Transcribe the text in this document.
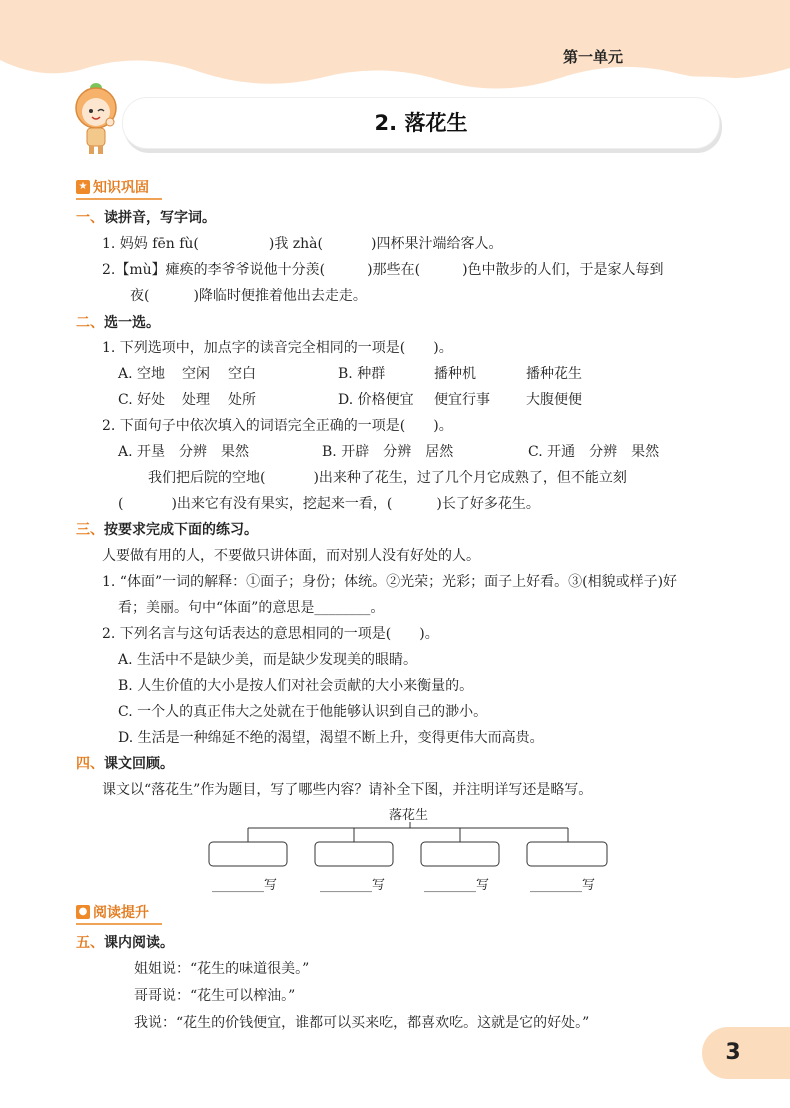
第一单元
2. 落花生
★ 知识巩固
一、读拼音，写字词。
1. 妈妈 fēn fù(	)我 zhà(	)四杯果汁端给客人。
2.【mù】瘫痪的李爷爷说他十分羡(	)那些在(	)色中散步的人们，于是家人每到
夜(	)降临时便推着他出去走走。
二、选一选。
1. 下列选项中，加点字的读音完全相同的一项是(　　)。
A. 空地 空闲 空白	B. 种群	播种机	播种花生
C. 好处 处理 处所	D. 价格便宜 便宜行事	大腹便便
2. 下面句子中依次填入的词语完全正确的一项是(　　)。
A. 开垦　分辨　果然	B. 开辟　分辨　居然	C. 开通　分辨　果然
我们把后院的空地(	)出来种了花生，过了几个月它成熟了，但不能立刻
(	)出来它有没有果实，挖起来一看，(	)长了好多花生。
三、按要求完成下面的练习。
人要做有用的人，不要做只讲体面，而对别人没有好处的人。
1. “体面”一词的解释：①面子；身份；体统。②光荣；光彩；面子上好看。③(相貌或样子)好
看；美丽。句中“体面”的意思是________。
2. 下列名言与这句话表达的意思相同的一项是(　　)。
A. 生活中不是缺少美，而是缺少发现美的眼睛。
B. 人生价值的大小是按人们对社会贡献的大小来衡量的。
C. 一个人的真正伟大之处就在于他能够认识到自己的渺小。
D. 生活是一种绵延不绝的渴望，渴望不断上升，变得更伟大而高贵。
四、课文回顾。
课文以“落花生”作为题目，写了哪些内容？请补全下图，并注明详写还是略写。
落花生
________写	________写	________写	________写
● 阅读提升
五、课内阅读。
姐姐说：“花生的味道很美。”
哥哥说：“花生可以榨油。”
我说：“花生的价钱便宜，谁都可以买来吃，都喜欢吃。这就是它的好处。”
3
